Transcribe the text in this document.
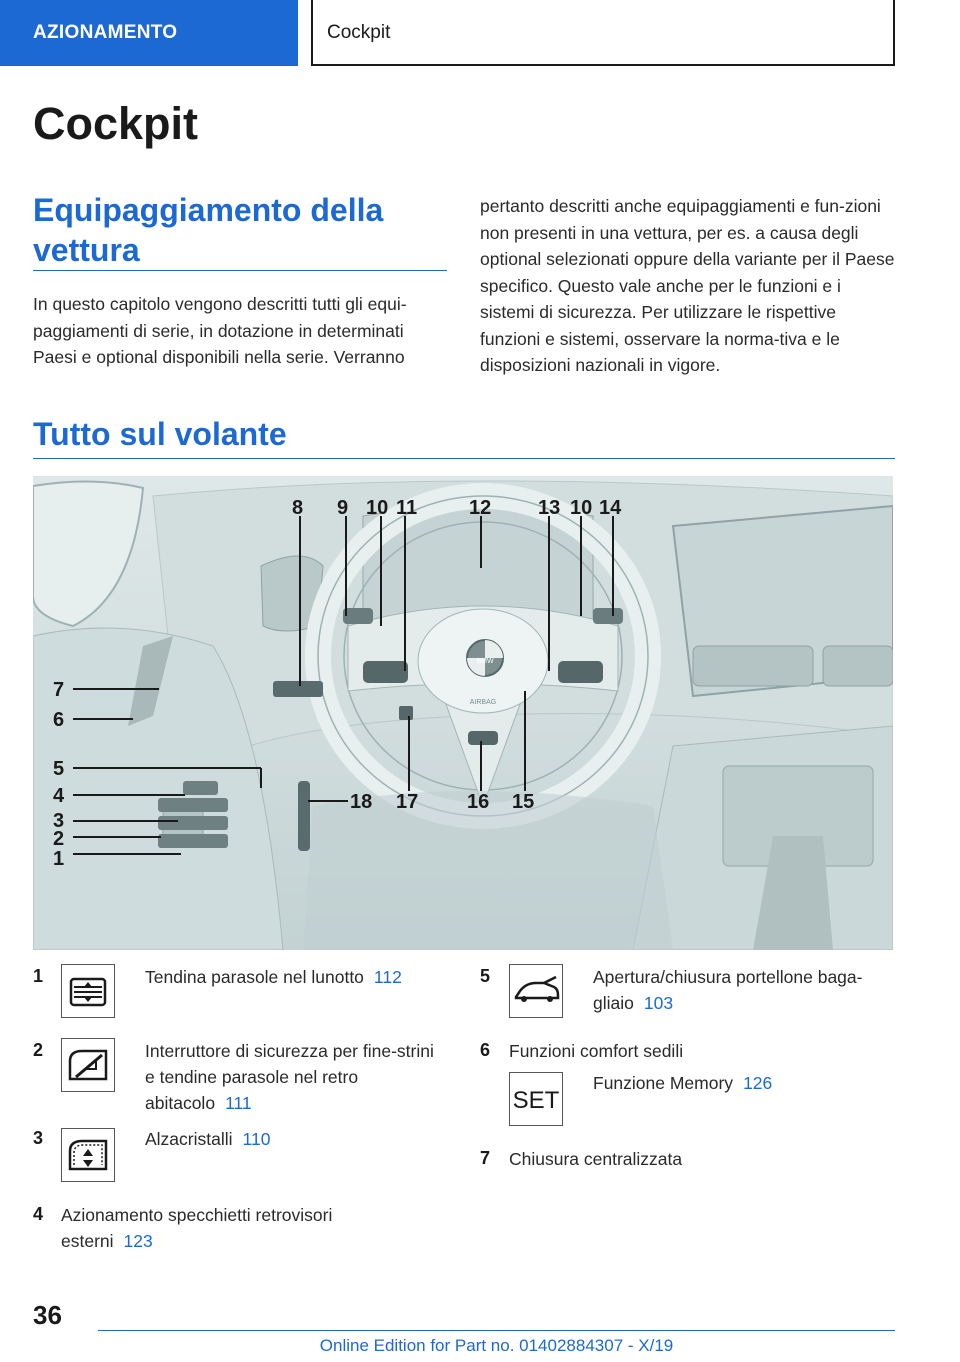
AZIONAMENTO	Cockpit
Cockpit
Equipaggiamento della vettura

In questo capitolo vengono descritti tutti gli equi-paggiamenti di serie, in dotazione in determinati Paesi e optional disponibili nella serie. Verranno

pertanto descritti anche equipaggiamenti e fun-zioni non presenti in una vettura, per es. a causa degli optional selezionati oppure della variante per il Paese specifico. Questo vale anche per le funzioni e i sistemi di sicurezza. Per utilizzare le rispettive funzioni e sistemi, osservare la norma-tiva e le disposizioni nazionali in vigore.

Tutto sul volante
BMW
AIRBAG
8 9 10 11	12 13 10 14
7
6
5
4
3
2
1
18 17 16 15
1	Tendina parasole nel lunotto 112
2	Interruttore di sicurezza per fine-strini e tendine parasole nel retro abitacolo 111
3	Alzacristalli 110
4 Azionamento specchietti retrovisori esterni 123
5	Apertura/chiusura portellone baga-gliaio 103
6 Funzioni comfort sedili
SET
Funzione Memory 126
7 Chiusura centralizzata
36
Online Edition for Part no. 01402884307 - X/19
